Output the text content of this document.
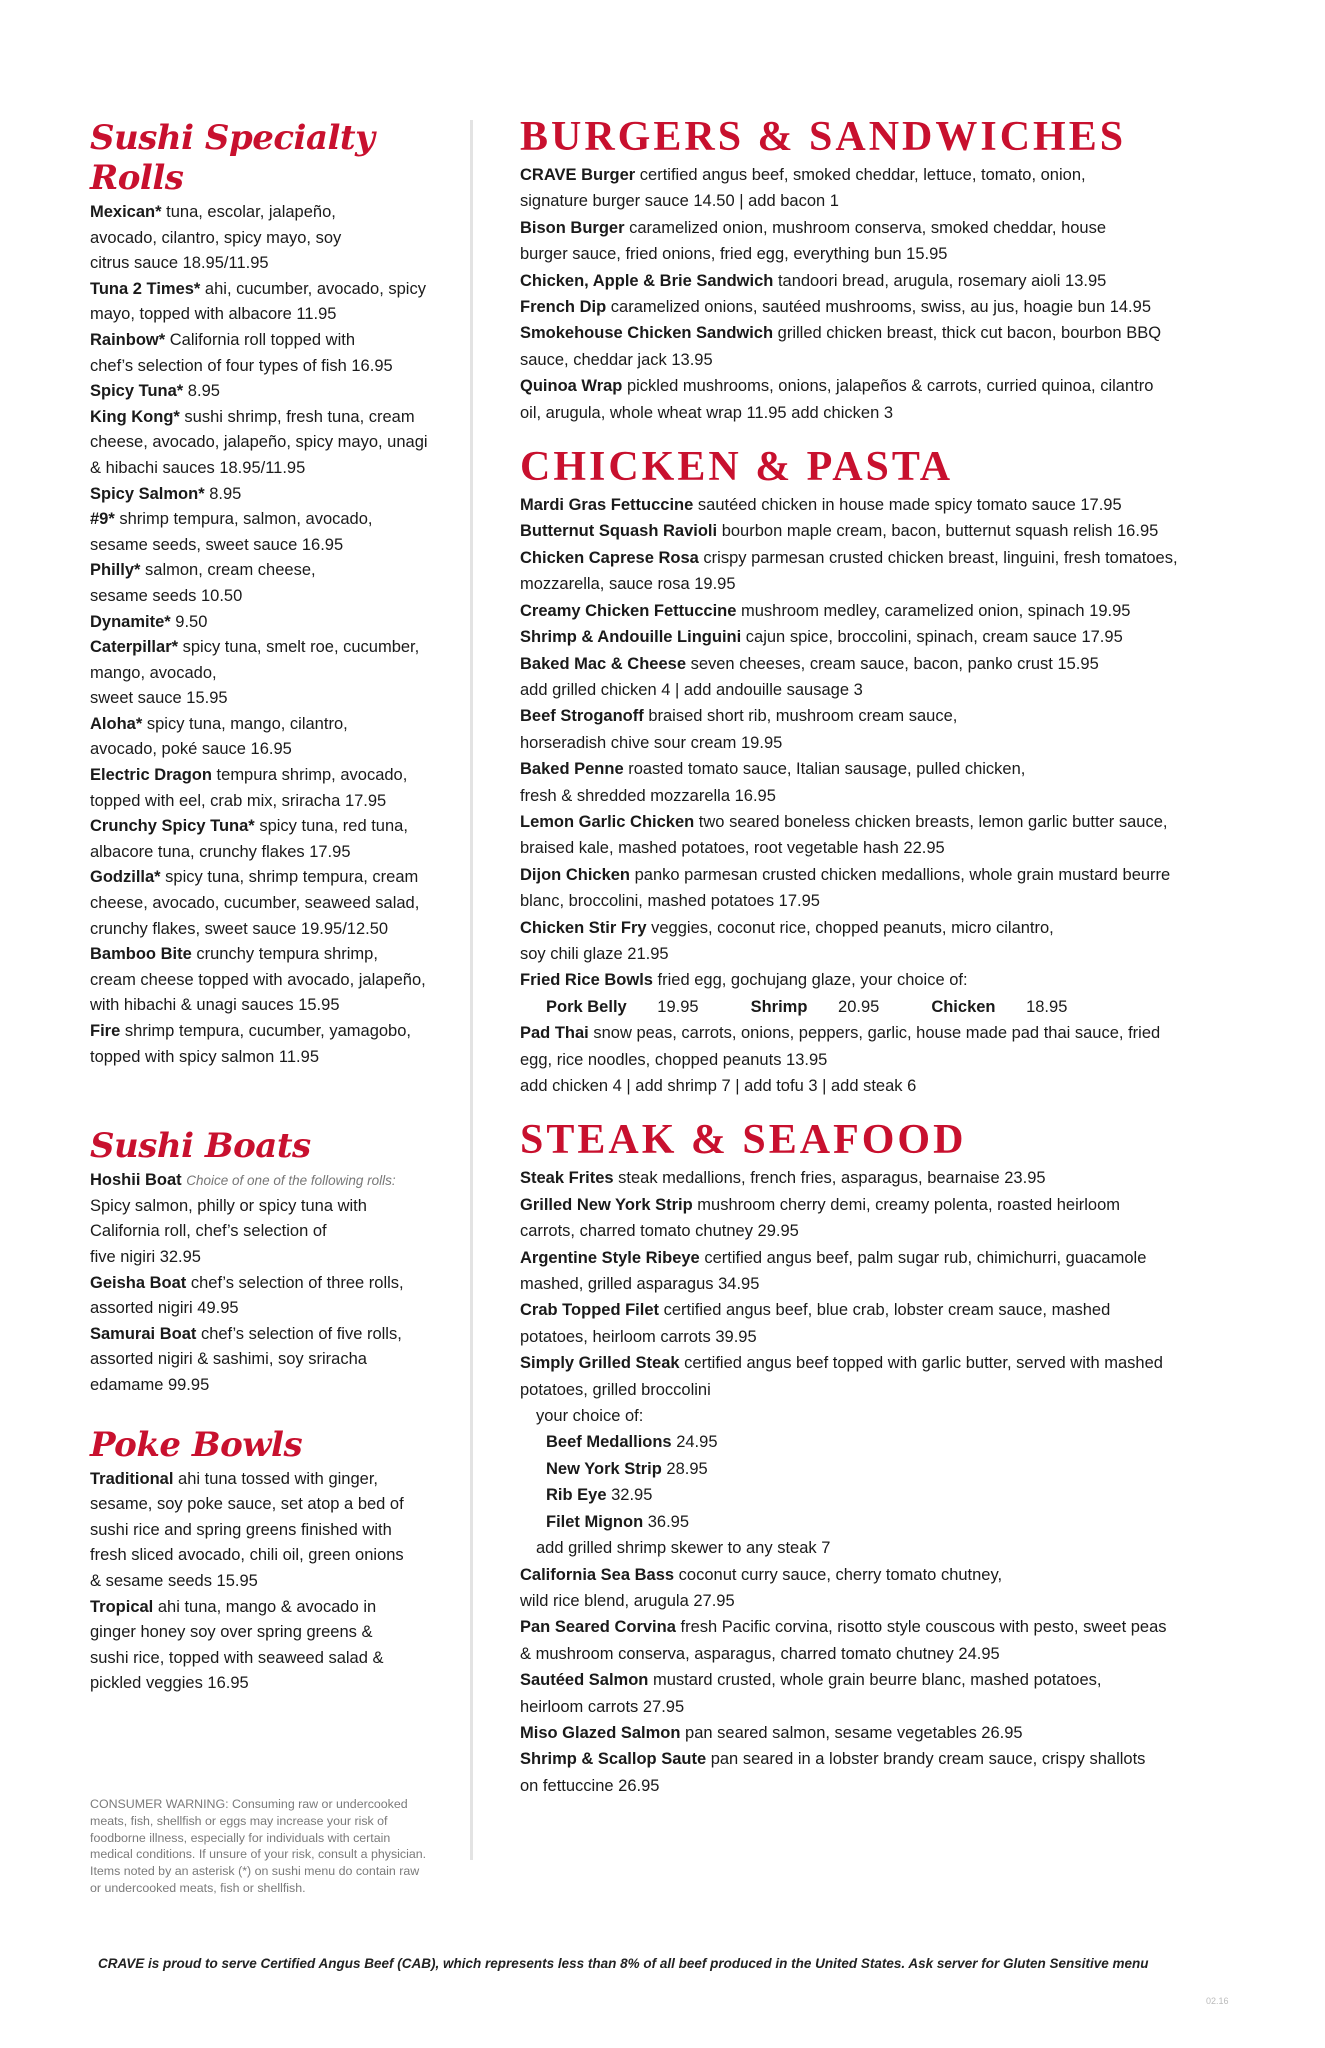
Sushi Specialty Rolls
Mexican* tuna, escolar, jalapeño,
avocado, cilantro, spicy mayo, soy
citrus sauce 18.95/11.95
Tuna 2 Times* ahi, cucumber, avocado, spicy
mayo, topped with albacore 11.95
Rainbow* California roll topped with
chef’s selection of four types of fish 16.95
Spicy Tuna* 8.95
King Kong* sushi shrimp, fresh tuna, cream
cheese, avocado, jalapeño, spicy mayo, unagi
& hibachi sauces 18.95/11.95
Spicy Salmon* 8.95
#9* shrimp tempura, salmon, avocado,
sesame seeds, sweet sauce 16.95
Philly* salmon, cream cheese,
sesame seeds 10.50
Dynamite* 9.50
Caterpillar* spicy tuna, smelt roe, cucumber,
mango, avocado,
sweet sauce 15.95
Aloha* spicy tuna, mango, cilantro,
avocado, poké sauce 16.95
Electric Dragon tempura shrimp, avocado,
topped with eel, crab mix, sriracha 17.95
Crunchy Spicy Tuna* spicy tuna, red tuna,
albacore tuna, crunchy flakes 17.95
Godzilla* spicy tuna, shrimp tempura, cream
cheese, avocado, cucumber, seaweed salad,
crunchy flakes, sweet sauce 19.95/12.50
Bamboo Bite crunchy tempura shrimp,
cream cheese topped with avocado, jalapeño,
with hibachi & unagi sauces 15.95
Fire shrimp tempura, cucumber, yamagobo,
topped with spicy salmon 11.95
Sushi Boats
Hoshii Boat Choice of one of the following rolls:
Spicy salmon, philly or spicy tuna with
California roll, chef’s selection of
five nigiri 32.95
Geisha Boat chef’s selection of three rolls,
assorted nigiri 49.95
Samurai Boat chef’s selection of five rolls,
assorted nigiri & sashimi, soy sriracha
edamame 99.95
Poke Bowls
Traditional ahi tuna tossed with ginger,
sesame, soy poke sauce, set atop a bed of
sushi rice and spring greens finished with
fresh sliced avocado, chili oil, green onions
& sesame seeds 15.95
Tropical ahi tuna, mango & avocado in
ginger honey soy over spring greens &
sushi rice, topped with seaweed salad &
pickled veggies 16.95
BURGERS & SANDWICHES
CRAVE Burger certified angus beef, smoked cheddar, lettuce, tomato, onion,
signature burger sauce 14.50 | add bacon 1
Bison Burger caramelized onion, mushroom conserva, smoked cheddar, house
burger sauce, fried onions, fried egg, everything bun 15.95
Chicken, Apple & Brie Sandwich tandoori bread, arugula, rosemary aioli 13.95
French Dip caramelized onions, sautéed mushrooms, swiss, au jus, hoagie bun 14.95
Smokehouse Chicken Sandwich grilled chicken breast, thick cut bacon, bourbon BBQ
sauce, cheddar jack 13.95
Quinoa Wrap pickled mushrooms, onions, jalapeños & carrots, curried quinoa, cilantro
oil, arugula, whole wheat wrap 11.95 add chicken 3
CHICKEN & PASTA
Mardi Gras Fettuccine sautéed chicken in house made spicy tomato sauce 17.95
Butternut Squash Ravioli bourbon maple cream, bacon, butternut squash relish 16.95
Chicken Caprese Rosa crispy parmesan crusted chicken breast, linguini, fresh tomatoes,
mozzarella, sauce rosa 19.95
Creamy Chicken Fettuccine mushroom medley, caramelized onion, spinach 19.95
Shrimp & Andouille Linguini cajun spice, broccolini, spinach, cream sauce 17.95
Baked Mac & Cheese seven cheeses, cream sauce, bacon, panko crust 15.95
add grilled chicken 4 | add andouille sausage 3
Beef Stroganoff braised short rib, mushroom cream sauce,
horseradish chive sour cream 19.95
Baked Penne roasted tomato sauce, Italian sausage, pulled chicken,
fresh & shredded mozzarella 16.95
Lemon Garlic Chicken two seared boneless chicken breasts, lemon garlic butter sauce,
braised kale, mashed potatoes, root vegetable hash 22.95
Dijon Chicken panko parmesan crusted chicken medallions, whole grain mustard beurre
blanc, broccolini, mashed potatoes 17.95
Chicken Stir Fry veggies, coconut rice, chopped peanuts, micro cilantro,
soy chili glaze 21.95
Fried Rice Bowls fried egg, gochujang glaze, your choice of:
Pork Belly 19.95	Shrimp 20.95	Chicken 18.95
Pad Thai snow peas, carrots, onions, peppers, garlic, house made pad thai sauce, fried
egg, rice noodles, chopped peanuts 13.95
add chicken 4 | add shrimp 7 | add tofu 3 | add steak 6
STEAK & SEAFOOD
Steak Frites steak medallions, french fries, asparagus, bearnaise 23.95
Grilled New York Strip mushroom cherry demi, creamy polenta, roasted heirloom
carrots, charred tomato chutney 29.95
Argentine Style Ribeye certified angus beef, palm sugar rub, chimichurri, guacamole
mashed, grilled asparagus 34.95
Crab Topped Filet certified angus beef, blue crab, lobster cream sauce, mashed
potatoes, heirloom carrots 39.95
Simply Grilled Steak certified angus beef topped with garlic butter, served with mashed
potatoes, grilled broccolini
your choice of:
Beef Medallions 24.95
New York Strip 28.95
Rib Eye 32.95
Filet Mignon 36.95
add grilled shrimp skewer to any steak 7
California Sea Bass coconut curry sauce, cherry tomato chutney,
wild rice blend, arugula 27.95
Pan Seared Corvina fresh Pacific corvina, risotto style couscous with pesto, sweet peas
& mushroom conserva, asparagus, charred tomato chutney 24.95
Sautéed Salmon mustard crusted, whole grain beurre blanc, mashed potatoes,
heirloom carrots 27.95
Miso Glazed Salmon pan seared salmon, sesame vegetables 26.95
Shrimp & Scallop Saute pan seared in a lobster brandy cream sauce, crispy shallots
on fettuccine 26.95
CONSUMER WARNING: Consuming raw or undercooked meats, fish, shellfish or eggs may increase your risk of foodborne illness, especially for individuals with certain medical conditions. If unsure of your risk, consult a physician. Items noted by an asterisk (*) on sushi menu do contain raw or undercooked meats, fish or shellfish.
CRAVE is proud to serve Certified Angus Beef (CAB), which represents less than 8% of all beef produced in the United States. Ask server for Gluten Sensitive menu
02.16
